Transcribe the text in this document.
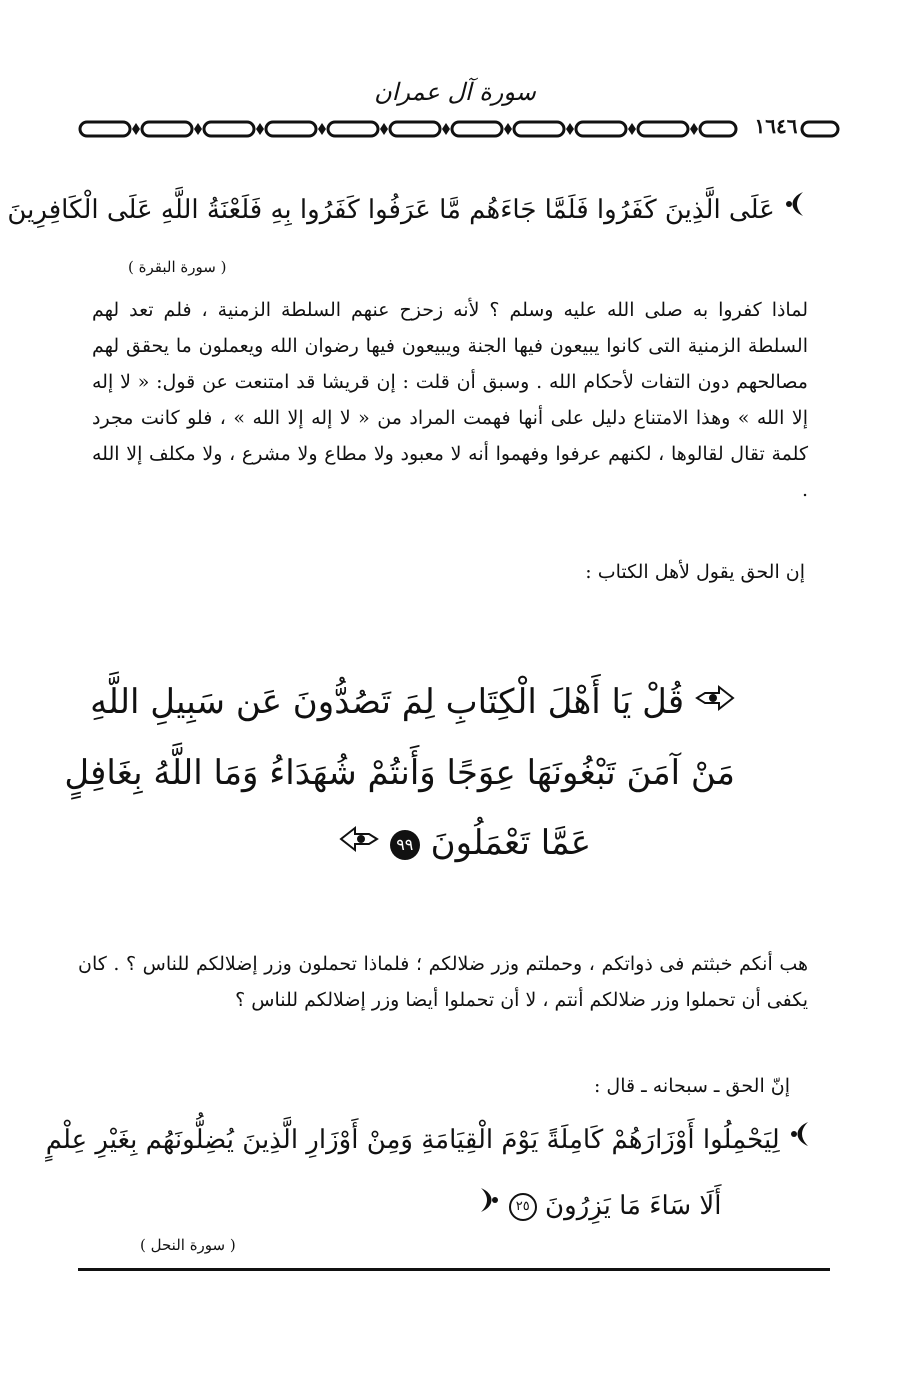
سورة آل عمران
١٦٤٦
عَلَى الَّذِينَ كَفَرُوا فَلَمَّا جَاءَهُم مَّا عَرَفُوا كَفَرُوا بِهِ فَلَعْنَةُ اللَّهِ عَلَى الْكَافِرِينَ
( سورة البقرة )
لماذا كفروا به صلى الله عليه وسلم ؟ لأنه زحزح عنهم السلطة الزمنية ، فلم تعد لهم السلطة الزمنية التى كانوا يبيعون فيها الجنة ويبيعون فيها رضوان الله ويعملون ما يحقق لهم مصالحهم دون التفات لأحكام الله . وسبق أن قلت : إن قريشا قد امتنعت عن قول: « لا إله إلا الله » وهذا الامتناع دليل على أنها فهمت المراد من « لا إله إلا الله » ، فلو كانت مجرد كلمة تقال لقالوها ، لكنهم عرفوا وفهموا أنه لا معبود ولا مطاع ولا مشرع ، ولا مكلف إلا الله .
إن الحق يقول لأهل الكتاب :
قُلْ يَا أَهْلَ الْكِتَابِ لِمَ تَصُدُّونَ عَن سَبِيلِ اللَّهِ
مَنْ آمَنَ تَبْغُونَهَا عِوَجًا وَأَنتُمْ شُهَدَاءُ وَمَا اللَّهُ بِغَافِلٍ
عَمَّا تَعْمَلُونَ ٩٩
هب أنكم خبثتم فى ذواتكم ، وحملتم وزر ضلالكم ؛ فلماذا تحملون وزر إضلالكم للناس ؟ . كان يكفى أن تحملوا وزر ضلالكم أنتم ، لا أن تحملوا أيضا وزر إضلالكم للناس ؟
إنّ الحق ـ سبحانه ـ قال :
لِيَحْمِلُوا أَوْزَارَهُمْ كَامِلَةً يَوْمَ الْقِيَامَةِ وَمِنْ أَوْزَارِ الَّذِينَ يُضِلُّونَهُم بِغَيْرِ عِلْمٍ
أَلَا سَاءَ مَا يَزِرُونَ ٢٥
( سورة النحل )
